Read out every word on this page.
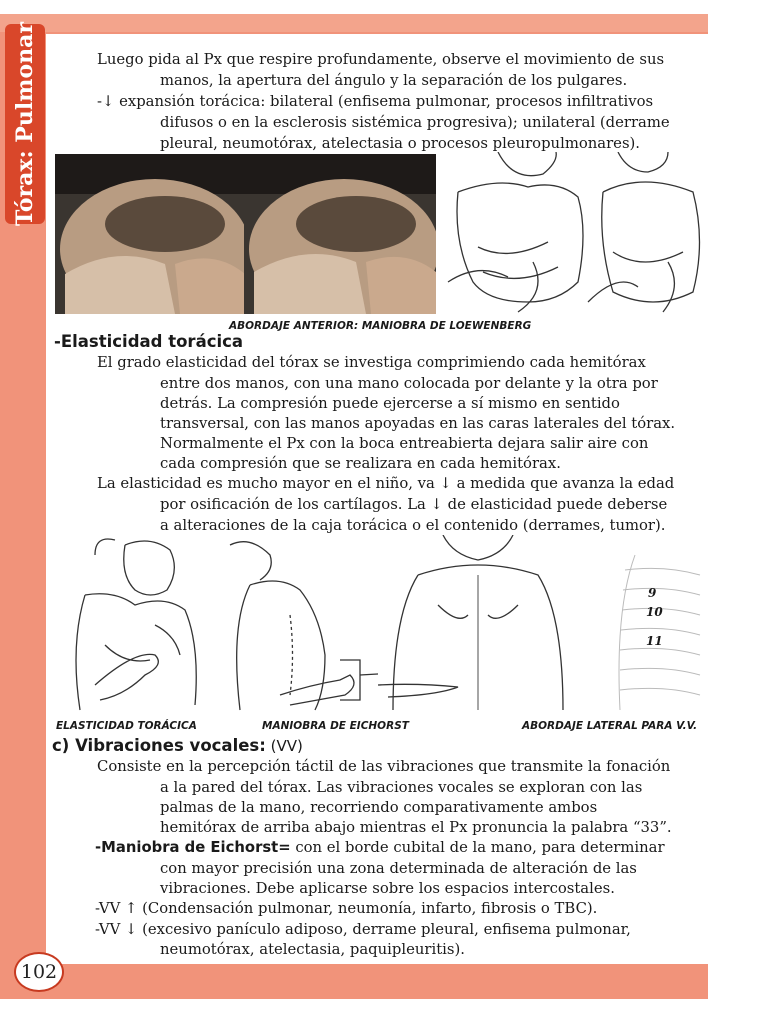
Tórax: Pulmonar	Luego pida al Px que respire profundamente, observe el movimiento de sus
manos, la apertura del ángulo y la separación de los pulgares.
-↓ expansión torácica: bilateral (enfisema pulmonar, procesos infiltrativos
difusos o en la esclerosis sistémica progresiva); unilateral (derrame
pleural, neumotórax, atelectasia o procesos pleuropulmonares).
ABORDAJE ANTERIOR: MANIOBRA DE LOEWENBERG
-Elasticidad torácica
El grado elasticidad del tórax se investiga comprimiendo cada hemitórax
entre dos manos, con una mano colocada por delante y la otra por
detrás. La compresión puede ejercerse a sí mismo en sentido
transversal, con las manos apoyadas en las caras laterales del tórax.
Normalmente el Px con la boca entreabierta dejara salir aire con
cada compresión que se realizara en cada hemitórax.
La elasticidad es mucho mayor en el niño, va ↓ a medida que avanza la edad
por osificación de los cartílagos. La ↓ de elasticidad puede deberse
a alteraciones de la caja torácica o el contenido (derrames, tumor).
9
10
11
ELASTICIDAD TORÁCICA	MANIOBRA DE EICHORST	ABORDAJE LATERAL PARA V.V.
c) Vibraciones vocales: (VV)
Consiste en la percepción táctil de las vibraciones que transmite la fonación
a la pared del tórax. Las vibraciones vocales se exploran con las
palmas de la mano, recorriendo comparativamente ambos
hemitórax de arriba abajo mientras el Px pronuncia la palabra “33”.
-Maniobra de Eichorst= con el borde cubital de la mano, para determinar
con mayor precisión una zona determinada de alteración de las
vibraciones. Debe aplicarse sobre los espacios intercostales.
-VV ↑ (Condensación pulmonar, neumonía, infarto, fibrosis o TBC).
-VV ↓ (excesivo panículo adiposo, derrame pleural, enfisema pulmonar,
neumotórax, atelectasia, paquipleuritis).
102
